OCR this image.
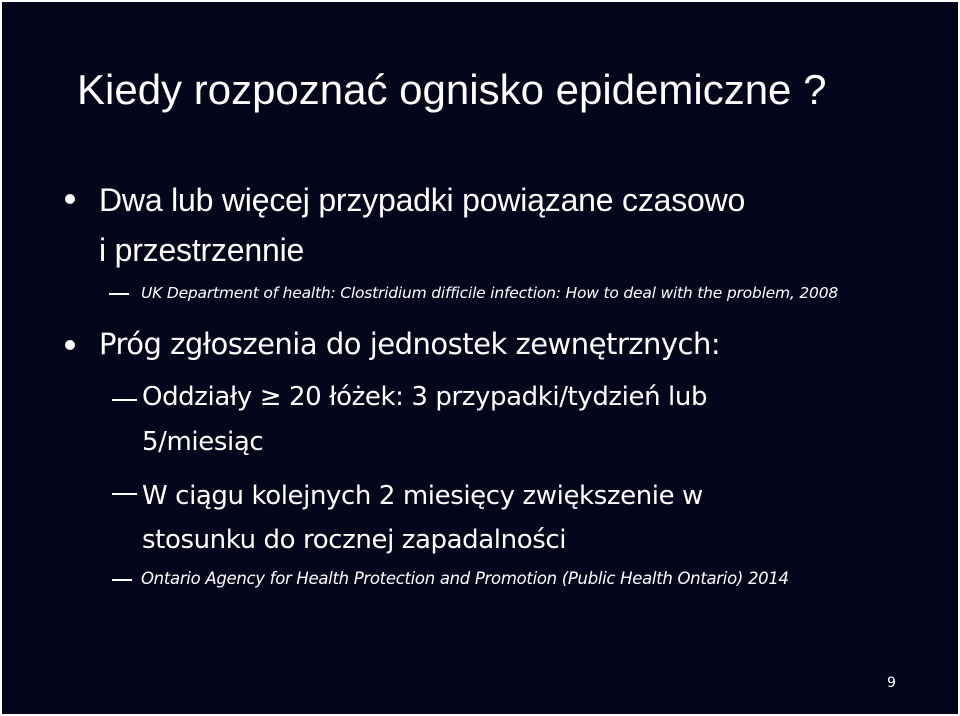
Kiedy rozpoznać ognisko epidemiczne ?
Dwa lub więcej przypadki powiązane czasowo
i przestrzennie
UK Department of health: Clostridium difficile infection: How to deal with the problem, 2008
Próg zgłoszenia do jednostek zewnętrznych:
Oddziały ≥ 20 łóżek: 3 przypadki/tydzień lub
5/miesiąc
W ciągu kolejnych 2 miesięcy zwiększenie w
stosunku do rocznej zapadalności
Ontario Agency for Health Protection and Promotion (Public Health Ontario) 2014
9
